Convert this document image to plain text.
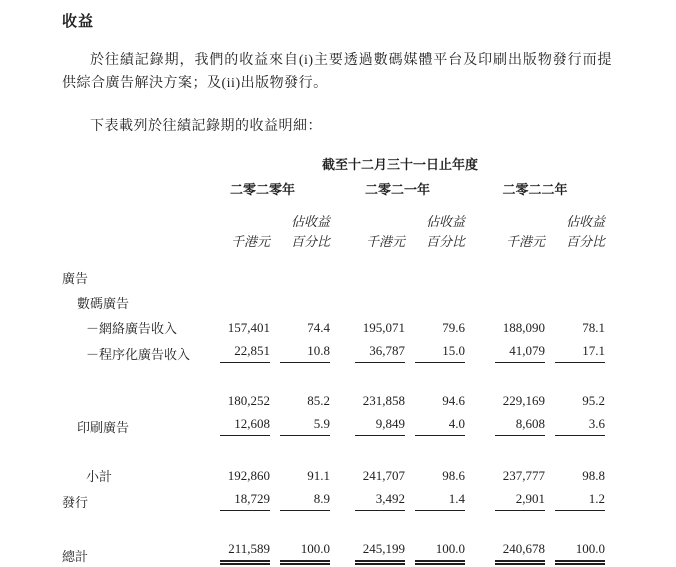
收益

於往績記錄期，我們的收益來自(i)主要透過數碼媒體平台及印刷出版物發行而提供綜合廣告解決方案；及(ii)出版物發行。

下表載列於往績記錄期的收益明細：

	截至十二月三十一日止年度					
	二零二零年		二零二一年		二零二二年	
		佔收益		佔收益		佔收益
	千港元	百分比	千港元	百分比	千港元	百分比
廣告						
數碼廣告						
－網絡廣告收入	157,401	74.4	195,071	79.6	188,090	78.1
－程序化廣告收入	22,851	10.8	36,787	15.0	41,079	17.1

	180,252	85.2	231,858	94.6	229,169	95.2
印刷廣告	12,608	5.9	9,849	4.0	8,608	3.6

小計	192,860	91.1	241,707	98.6	237,777	98.8
發行	18,729	8.9	3,492	1.4	2,901	1.2

總計	211,589	100.0	245,199	100.0	240,678	100.0
